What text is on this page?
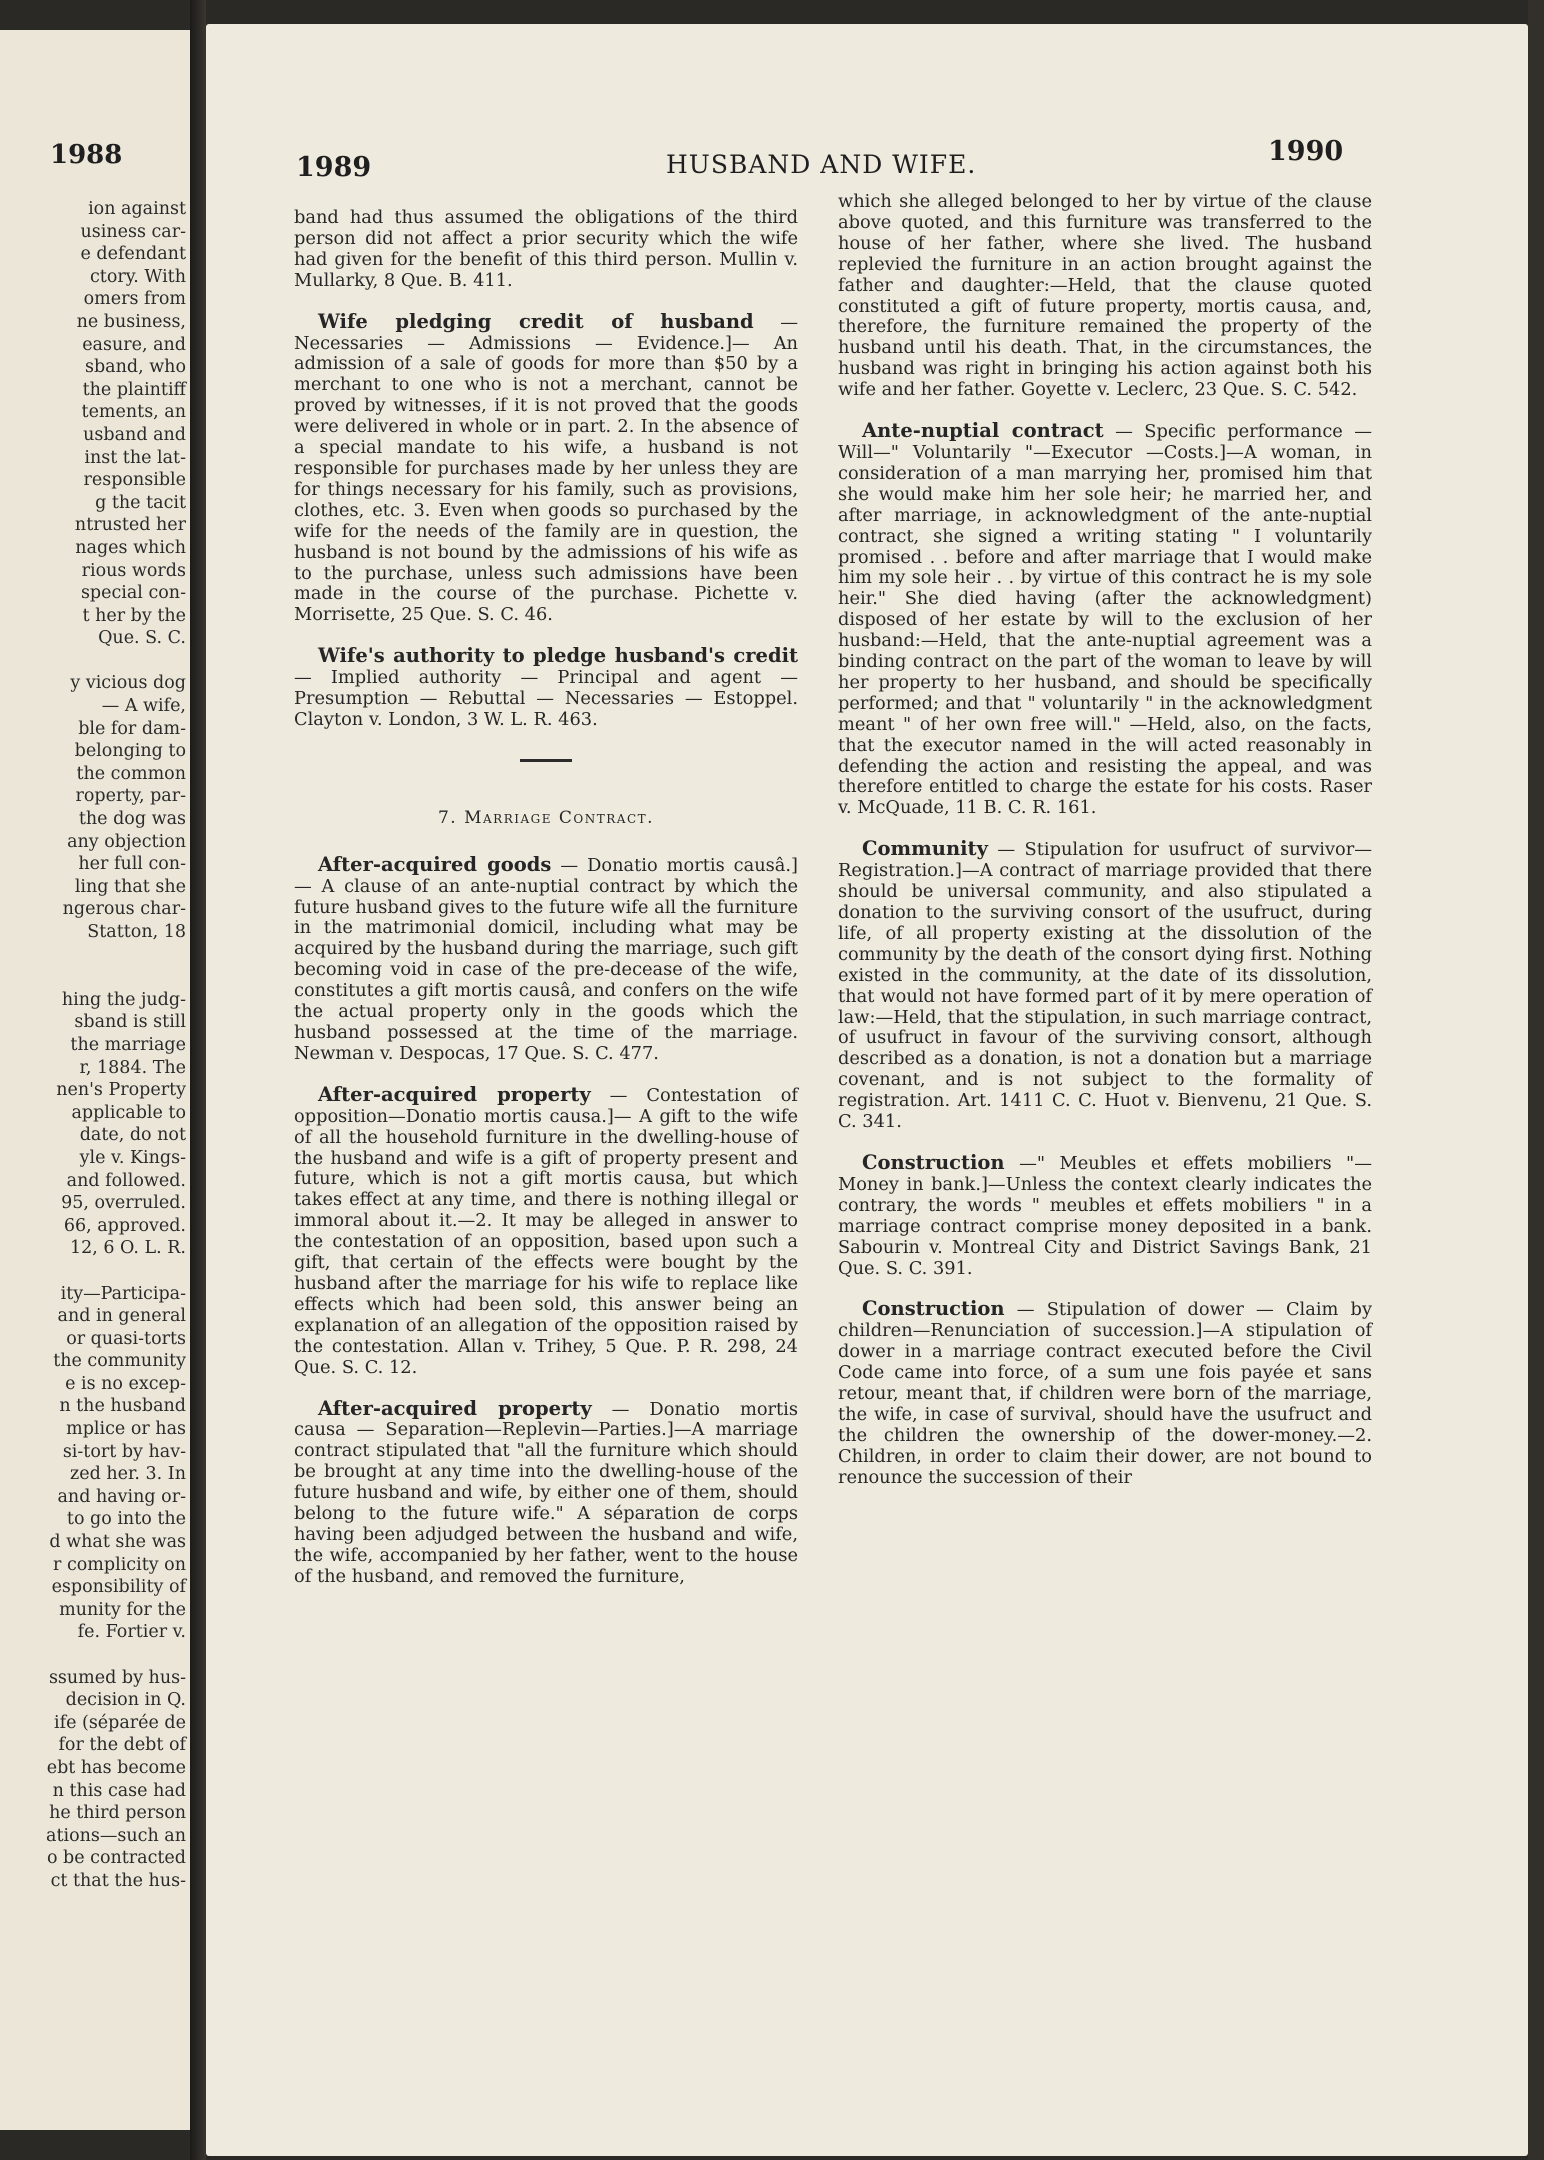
1988
ion against
usiness car-
e defendant
ctory. With
omers from
ne business,
easure, and
sband, who
the plaintiff
tements, an
usband and
inst the lat-
responsible
g the tacit
ntrusted her
nages which
rious words
special con-
t her by the
Que. S. C.

y vicious dog
— A wife,
ble for dam-
belonging to
the common
roperty, par-
the dog was
any objection
her full con-
ling that she
ngerous char-
Statton, 18

hing the judg-
sband is still
the marriage
r, 1884. The
nen's Property
applicable to
date, do not
yle v. Kings-
and followed.
95, overruled.
66, approved.
12, 6 O. L. R.

ity—Participa-
and in general
or quasi-torts
the community
e is no excep-
n the husband
mplice or has
si-tort by hav-
zed her. 3. In
and having or-
to go into the
d what she was
r complicity on
esponsibility of
munity for the
fe. Fortier v.

ssumed by hus-
decision in Q.
ife (séparée de
for the debt of
ebt has become
n this case had
he third person
ations—such an
o be contracted
ct that the hus-
1989	HUSBAND AND WIFE.	1990

band had thus assumed the obligations of the third person did not affect a prior security which the wife had given for the benefit of this third person. Mullin v. Mullarky, 8 Que. B. 411.

Wife pledging credit of husband — Necessaries — Admissions — Evidence.]— An admission of a sale of goods for more than $50 by a merchant to one who is not a merchant, cannot be proved by witnesses, if it is not proved that the goods were delivered in whole or in part. 2. In the absence of a special mandate to his wife, a husband is not responsible for purchases made by her unless they are for things necessary for his family, such as provisions, clothes, etc. 3. Even when goods so purchased by the wife for the needs of the family are in question, the husband is not bound by the admissions of his wife as to the purchase, unless such admissions have been made in the course of the purchase. Pichette v. Morrisette, 25 Que. S. C. 46.

Wife's authority to pledge husband's credit — Implied authority — Principal and agent — Presumption — Rebuttal — Necessaries — Estoppel. Clayton v. London, 3 W. L. R. 463.

7. Marriage Contract.

After-acquired goods — Donatio mortis causâ.] — A clause of an ante-nuptial contract by which the future husband gives to the future wife all the furniture in the matrimonial domicil, including what may be acquired by the husband during the marriage, such gift becoming void in case of the pre-decease of the wife, constitutes a gift mortis causâ, and confers on the wife the actual property only in the goods which the husband possessed at the time of the marriage. Newman v. Despocas, 17 Que. S. C. 477.

After-acquired property — Contestation of opposition—Donatio mortis causa.]— A gift to the wife of all the household furniture in the dwelling-house of the husband and wife is a gift of property present and future, which is not a gift mortis causa, but which takes effect at any time, and there is nothing illegal or immoral about it.—2. It may be alleged in answer to the contestation of an opposition, based upon such a gift, that certain of the effects were bought by the husband after the marriage for his wife to replace like effects which had been sold, this answer being an explanation of an allegation of the opposition raised by the contestation. Allan v. Trihey, 5 Que. P. R. 298, 24 Que. S. C. 12.

After-acquired property — Donatio mortis causa — Separation—Replevin—Parties.]—A marriage contract stipulated that "all the furniture which should be brought at any time into the dwelling-house of the future husband and wife, by either one of them, should belong to the future wife." A séparation de corps having been adjudged between the husband and wife, the wife, accompanied by her father, went to the house of the husband, and removed the furniture,

which she alleged belonged to her by virtue of the clause above quoted, and this furniture was transferred to the house of her father, where she lived. The husband replevied the furniture in an action brought against the father and daughter:—Held, that the clause quoted constituted a gift of future property, mortis causa, and, therefore, the furniture remained the property of the husband until his death. That, in the circumstances, the husband was right in bringing his action against both his wife and her father. Goyette v. Leclerc, 23 Que. S. C. 542.

Ante-nuptial contract — Specific performance — Will—" Voluntarily "—Executor —Costs.]—A woman, in consideration of a man marrying her, promised him that she would make him her sole heir; he married her, and after marriage, in acknowledgment of the ante-nuptial contract, she signed a writing stating " I voluntarily promised . . before and after marriage that I would make him my sole heir . . by virtue of this contract he is my sole heir." She died having (after the acknowledgment) disposed of her estate by will to the exclusion of her husband:—Held, that the ante-nuptial agreement was a binding contract on the part of the woman to leave by will her property to her husband, and should be specifically performed; and that " voluntarily " in the acknowledgment meant " of her own free will." —Held, also, on the facts, that the executor named in the will acted reasonably in defending the action and resisting the appeal, and was therefore entitled to charge the estate for his costs. Raser v. McQuade, 11 B. C. R. 161.

Community — Stipulation for usufruct of survivor—Registration.]—A contract of marriage provided that there should be universal community, and also stipulated a donation to the surviving consort of the usufruct, during life, of all property existing at the dissolution of the community by the death of the consort dying first. Nothing existed in the community, at the date of its dissolution, that would not have formed part of it by mere operation of law:—Held, that the stipulation, in such marriage contract, of usufruct in favour of the surviving consort, although described as a donation, is not a donation but a marriage covenant, and is not subject to the formality of registration. Art. 1411 C. C. Huot v. Bienvenu, 21 Que. S. C. 341.

Construction —" Meubles et effets mobiliers "—Money in bank.]—Unless the context clearly indicates the contrary, the words " meubles et effets mobiliers " in a marriage contract comprise money deposited in a bank. Sabourin v. Montreal City and District Savings Bank, 21 Que. S. C. 391.

Construction — Stipulation of dower — Claim by children—Renunciation of succession.]—A stipulation of dower in a marriage contract executed before the Civil Code came into force, of a sum une fois payée et sans retour, meant that, if children were born of the marriage, the wife, in case of survival, should have the usufruct and the children the ownership of the dower-money.—2. Children, in order to claim their dower, are not bound to renounce the succession of their
